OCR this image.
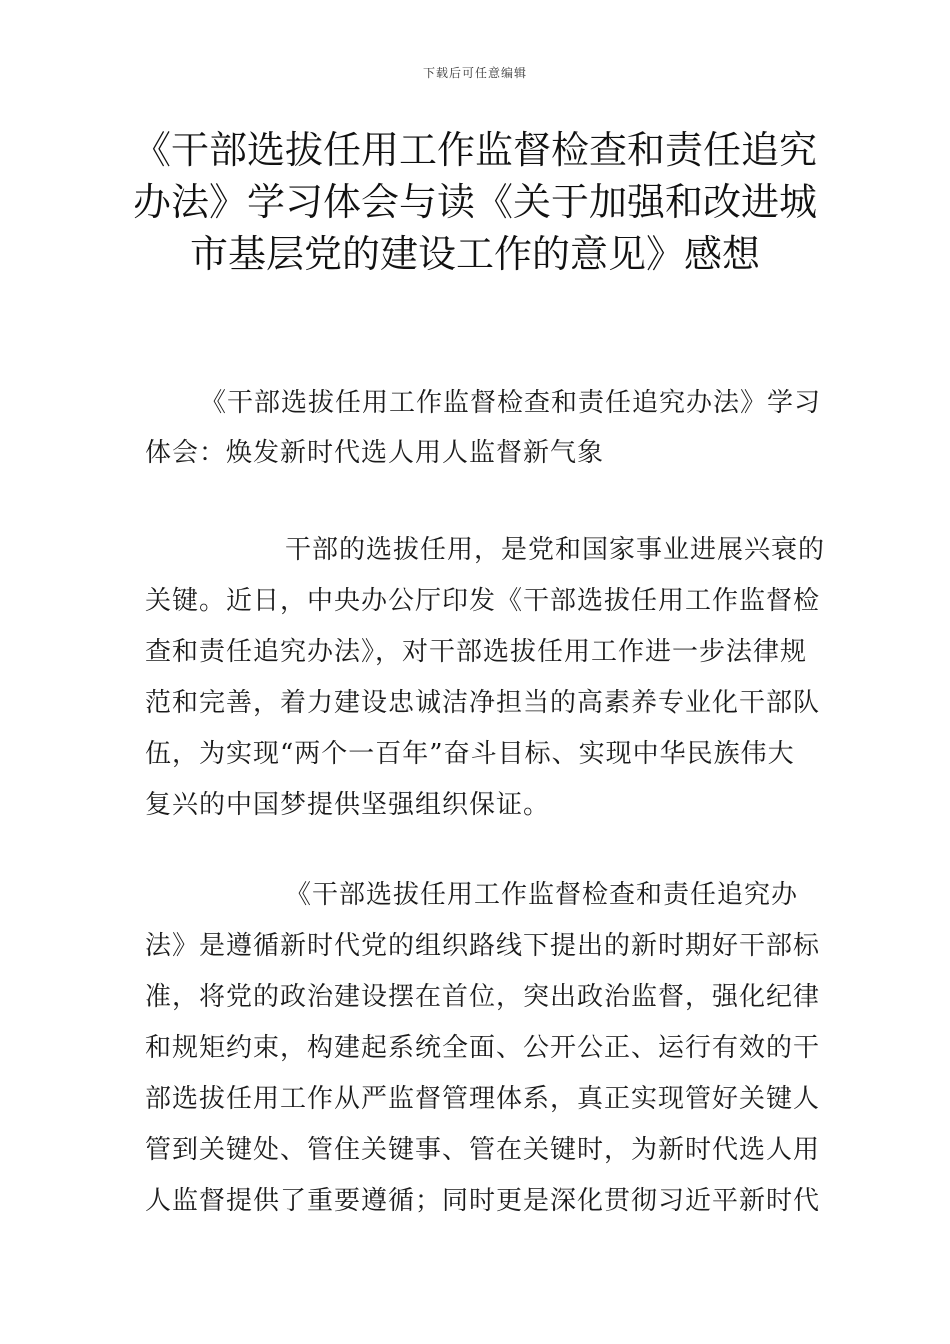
下载后可任意编辑
《干部选拔任用工作监督检查和责任追究
办法》学习体会与读《关于加强和改进城
市基层党的建设工作的意见》感想

《干部选拔任用工作监督检查和责任追究办法》学习
体会：焕发新时代选人用人监督新气象

干部的选拔任用，是党和国家事业进展兴衰的
关键。近日，中央办公厅印发《干部选拔任用工作监督检
查和责任追究办法》，对干部选拔任用工作进一步法律规
范和完善，着力建设忠诚洁净担当的高素养专业化干部队
伍，为实现“两个一百年”奋斗目标、实现中华民族伟大
复兴的中国梦提供坚强组织保证。

《干部选拔任用工作监督检查和责任追究办
法》是遵循新时代党的组织路线下提出的新时期好干部标
准，将党的政治建设摆在首位，突出政治监督，强化纪律
和规矩约束，构建起系统全面、公开公正、运行有效的干
部选拔任用工作从严监督管理体系，真正实现管好关键人
管到关键处、管住关键事、管在关键时，为新时代选人用
人监督提供了重要遵循；同时更是深化贯彻习近平新时代
